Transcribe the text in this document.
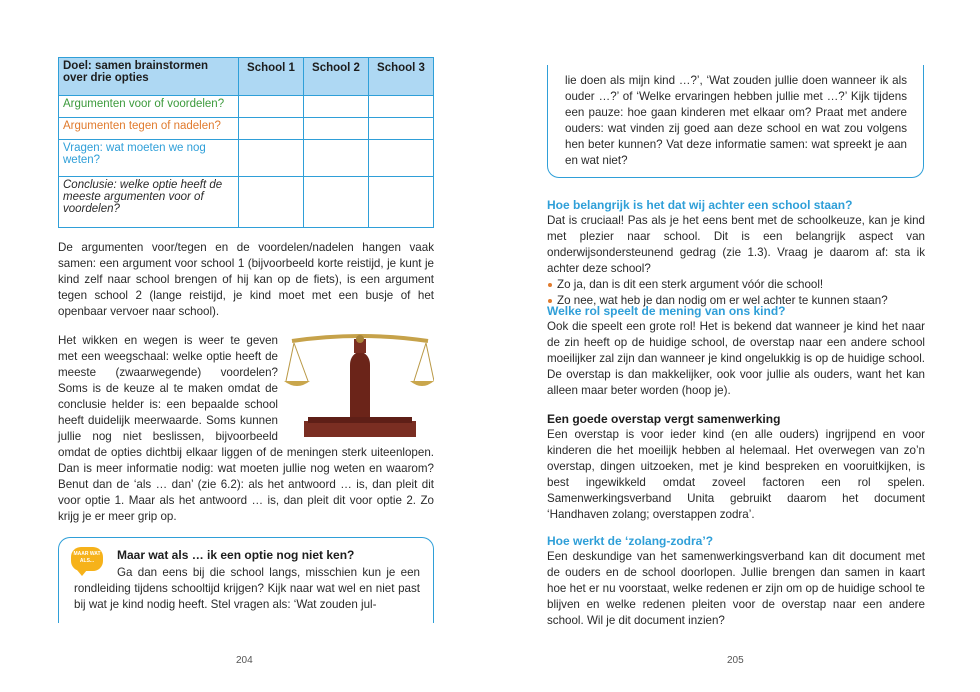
Doel: samen brainstormen over drie opties	School 1	School 2	School 3
Argumenten voor of voordelen?			
Argumenten tegen of nadelen?			
Vragen: wat moeten we nog weten?			
Conclusie: welke optie heeft de meeste argumenten voor of voordelen?			

De argumenten voor/tegen en de voordelen/nadelen hangen vaak samen: een argument voor school 1 (bijvoorbeeld korte reistijd, je kunt je kind zelf naar school brengen of hij kan op de fiets), is een argument tegen school 2 (lange reistijd, je kind moet met een busje of het openbaar vervoer naar school).

Het wikken en wegen is weer te geven met een weegschaal: welke optie heeft de meeste (zwaarwegende) voordelen? Soms is de keuze al te maken omdat de conclusie helder is: een bepaalde school heeft duidelijk meerwaarde. Soms kunnen jullie nog niet beslissen, bijvoorbeeld omdat de opties dichtbij elkaar liggen of de meningen sterk uiteenlopen. Dan is meer informatie nodig: wat moeten jullie nog weten en waarom? Benut dan de ‘als … dan’ (zie 6.2): als het antwoord … is, dan pleit dit voor optie 1. Maar als het antwoord … is, dan pleit dit voor optie 2. Zo krijg je er meer grip op.

MAAR WAT ALS...	Maar wat als … ik een optie nog niet ken?
Ga dan eens bij die school langs, misschien kun je een rondleiding tijdens schooltijd krijgen? Kijk naar wat wel en niet past bij wat je kind nodig heeft. Stel vragen als: ‘Wat zouden jul-
204
lie doen als mijn kind …?’, ‘Wat zouden jullie doen wanneer ik als ouder …?’ of ‘Welke ervaringen hebben jullie met …?’ Kijk tijdens een pauze: hoe gaan kinderen met elkaar om? Praat met andere ouders: wat vinden zij goed aan deze school en wat zou volgens hen beter kunnen? Vat deze informatie samen: wat spreekt je aan en wat niet?

Hoe belangrijk is het dat wij achter een school staan?

Dat is cruciaal! Pas als je het eens bent met de schoolkeuze, kan je kind met plezier naar school. Dit is een belangrijk aspect van onderwijsondersteunend gedrag (zie 1.3). Vraag je daarom af: sta ik achter deze school?

Zo ja, dan is dit een sterk argument vóór die school!

Zo nee, wat heb je dan nodig om er wel achter te kunnen staan?

Welke rol speelt de mening van ons kind?

Ook die speelt een grote rol! Het is bekend dat wanneer je kind het naar de zin heeft op de huidige school, de overstap naar een andere school moeilijker zal zijn dan wanneer je kind ongelukkig is op de huidige school. De overstap is dan makkelijker, ook voor jullie als ouders, want het kan alleen maar beter worden (hoop je).

Een goede overstap vergt samenwerking

Een overstap is voor ieder kind (en alle ouders) ingrijpend en voor kinderen die het moeilijk hebben al helemaal. Het overwegen van zo’n overstap, dingen uitzoeken, met je kind bespreken en vooruitkijken, is best ingewikkeld omdat zoveel factoren een rol spelen. Samenwerkingsverband Unita gebruikt daarom het document ‘Handhaven zolang; overstappen zodra’.

Hoe werkt de ‘zolang-zodra’?

Een deskundige van het samenwerkingsverband kan dit document met de ouders en de school doorlopen. Jullie brengen dan samen in kaart hoe het er nu voorstaat, welke redenen er zijn om op de huidige school te blijven en welke redenen pleiten voor de overstap naar een andere school. Wil je dit document inzien?

205
